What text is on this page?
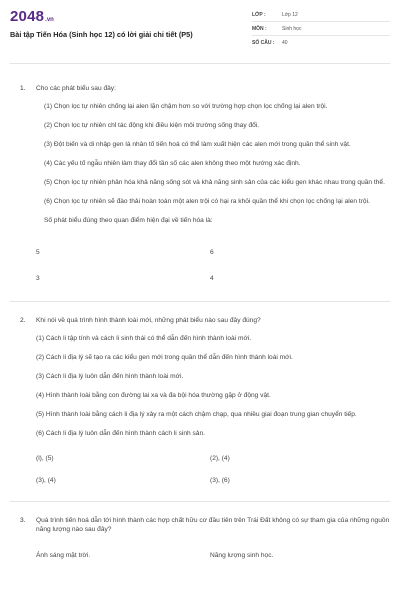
2048 .vn
Bài tập Tiến Hóa (Sinh học 12) có lời giải chi tiết (P5)
LỚP :	Lớp 12
MÔN :	Sinh học
SỐ CÂU :	40
1.	Cho các phát biểu sau đây:
(1) Chọn lọc tự nhiên chống lại alen lặn chậm hơn so với trường hợp chọn lọc chống lại alen trội.
(2) Chọn lọc tự nhiên chỉ tác động khi điều kiện môi trường sống thay đổi.
(3) Đột biến và di nhập gen là nhân tố tiến hoá có thể làm xuất hiện các alen mới trong quần thể sinh vật.
(4) Các yếu tố ngẫu nhiên làm thay đổi tần số các alen không theo một hướng xác định.
(5) Chọn lọc tự nhiên phân hóa khả năng sống sót và khả năng sinh sản của các kiểu gen khác nhau trong quần thể.
(6) Chọn lọc tự nhiên sẽ đào thải hoàn toàn một alen trội có hại ra khỏi quần thể khi chọn lọc chống lại alen trội.
Số phát biểu đúng theo quan điểm hiện đại về tiến hóa là:
5	6
3	4
2.	Khi nói về quá trình hình thành loài mới, những phát biểu nào sau đây đúng?
(1) Cách li tập tính và cách li sinh thái có thể dẫn đến hình thành loài mới.
(2) Cách li địa lý sẽ tạo ra các kiểu gen mới trong quần thể dẫn đến hình thành loài mới.
(3) Cách li địa lý luôn dẫn đến hình thành loài mới.
(4) Hình thành loài bằng con đường lai xa và đa bội hóa thường gặp ở động vật.
(5) Hình thành loài bằng cách li địa lý xảy ra một cách chậm chạp, qua nhiều giai đoạn trung gian chuyển tiếp.
(6) Cách li địa lý luôn dẫn đến hình thành cách li sinh sản.
(l), (5)	(2), (4)
(3), (4)	(3), (6)
3.	Quá trình tiến hoá dẫn tới hình thành các hợp chất hữu cơ đầu tiên trên Trái Đất không có sự tham gia của những nguồn năng lượng nào sau đây?
Ánh sáng mặt trời.	Năng lượng sinh học.
